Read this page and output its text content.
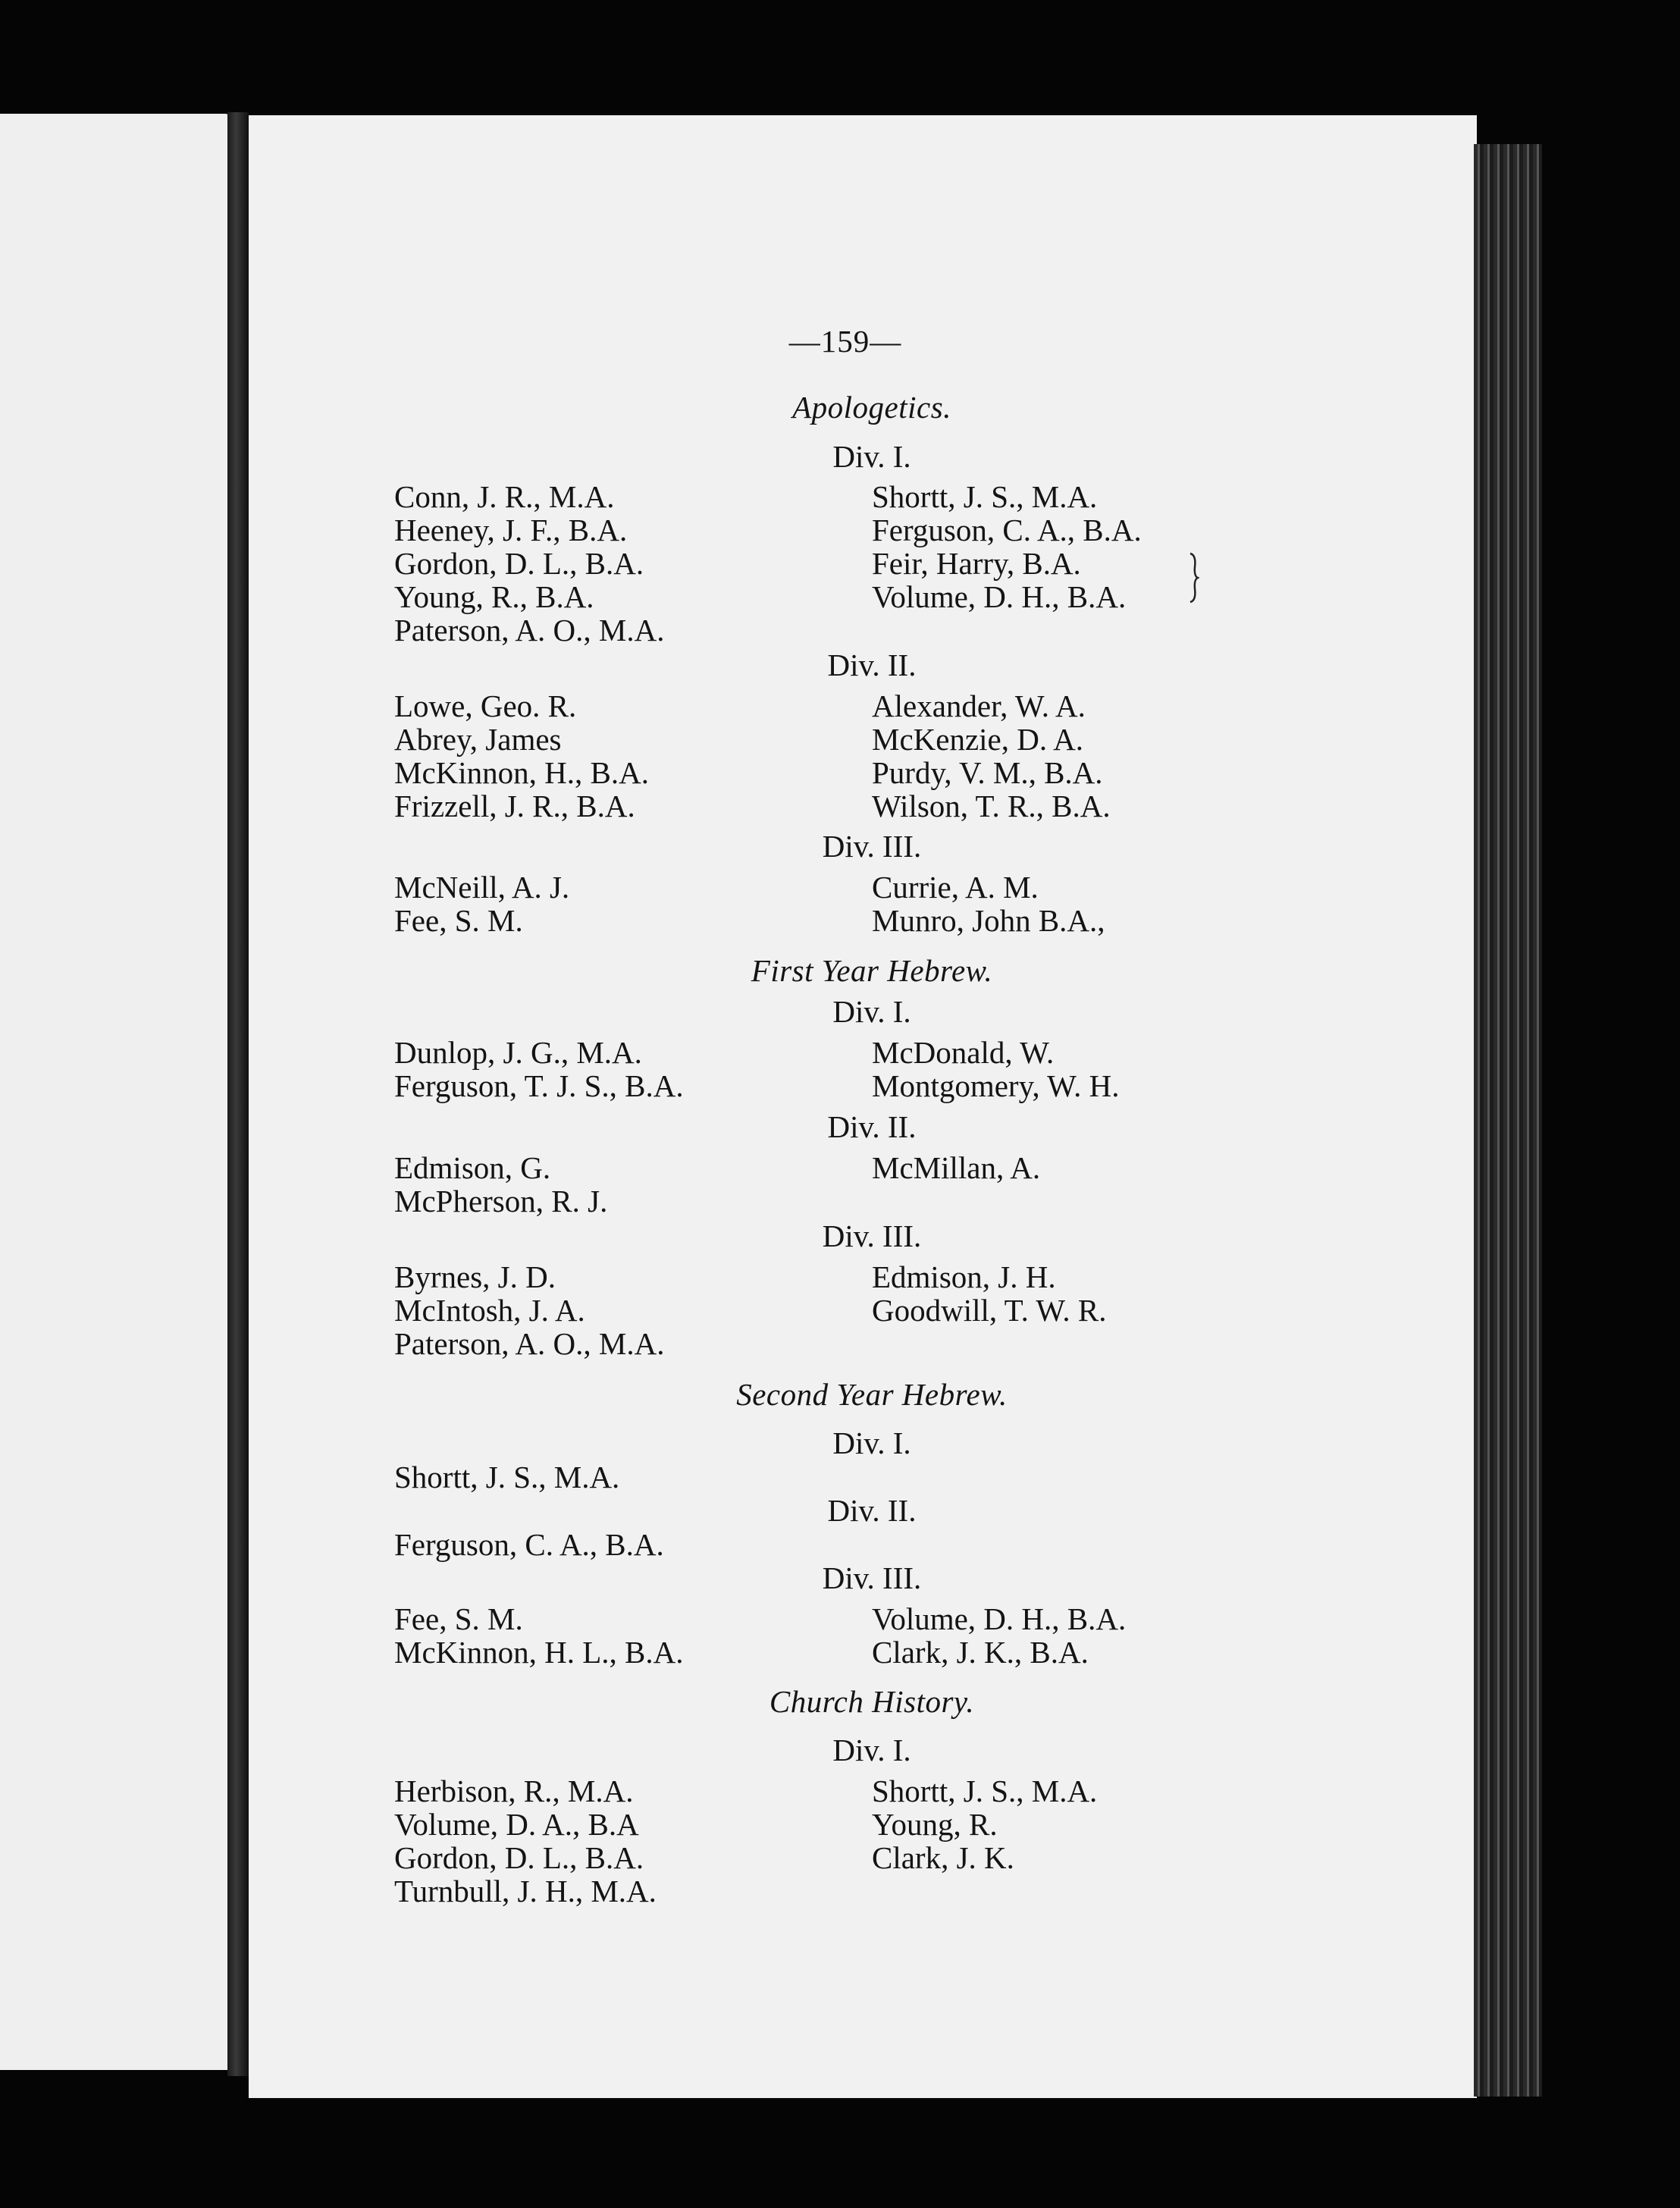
—159—
Apologetics.
Div. I.
Conn, J. R., M.A.
Heeney, J. F., B.A.
Gordon, D. L., B.A.
Young, R., B.A.
Paterson, A. O., M.A.
Shortt, J. S., M.A.
Ferguson, C. A., B.A.
Feir, Harry, B.A.
Volume, D. H., B.A.
Div. II.
Lowe, Geo. R.
Abrey, James
McKinnon, H., B.A.
Frizzell, J. R., B.A.
Alexander, W. A.
McKenzie, D. A.
Purdy, V. M., B.A.
Wilson, T. R., B.A.
Div. III.
McNeill, A. J.
Fee, S. M.
Currie, A. M.
Munro, John B.A.,
First Year Hebrew.
Div. I.
Dunlop, J. G., M.A.
Ferguson, T. J. S., B.A.
McDonald, W.
Montgomery, W. H.
Div. II.
Edmison, G.
McPherson, R. J.
McMillan, A.
Div. III.
Byrnes, J. D.
McIntosh, J. A.
Paterson, A. O., M.A.
Edmison, J. H.
Goodwill, T. W. R.
Second Year Hebrew.
Div. I.
Shortt, J. S., M.A.
Div. II.
Ferguson, C. A., B.A.
Div. III.
Fee, S. M.
McKinnon, H. L., B.A.
Volume, D. H., B.A.
Clark, J. K., B.A.
Church History.
Div. I.
Herbison, R., M.A.
Volume, D. A., B.A
Gordon, D. L., B.A.
Turnbull, J. H., M.A.
Shortt, J. S., M.A.
Young, R.
Clark, J. K.
